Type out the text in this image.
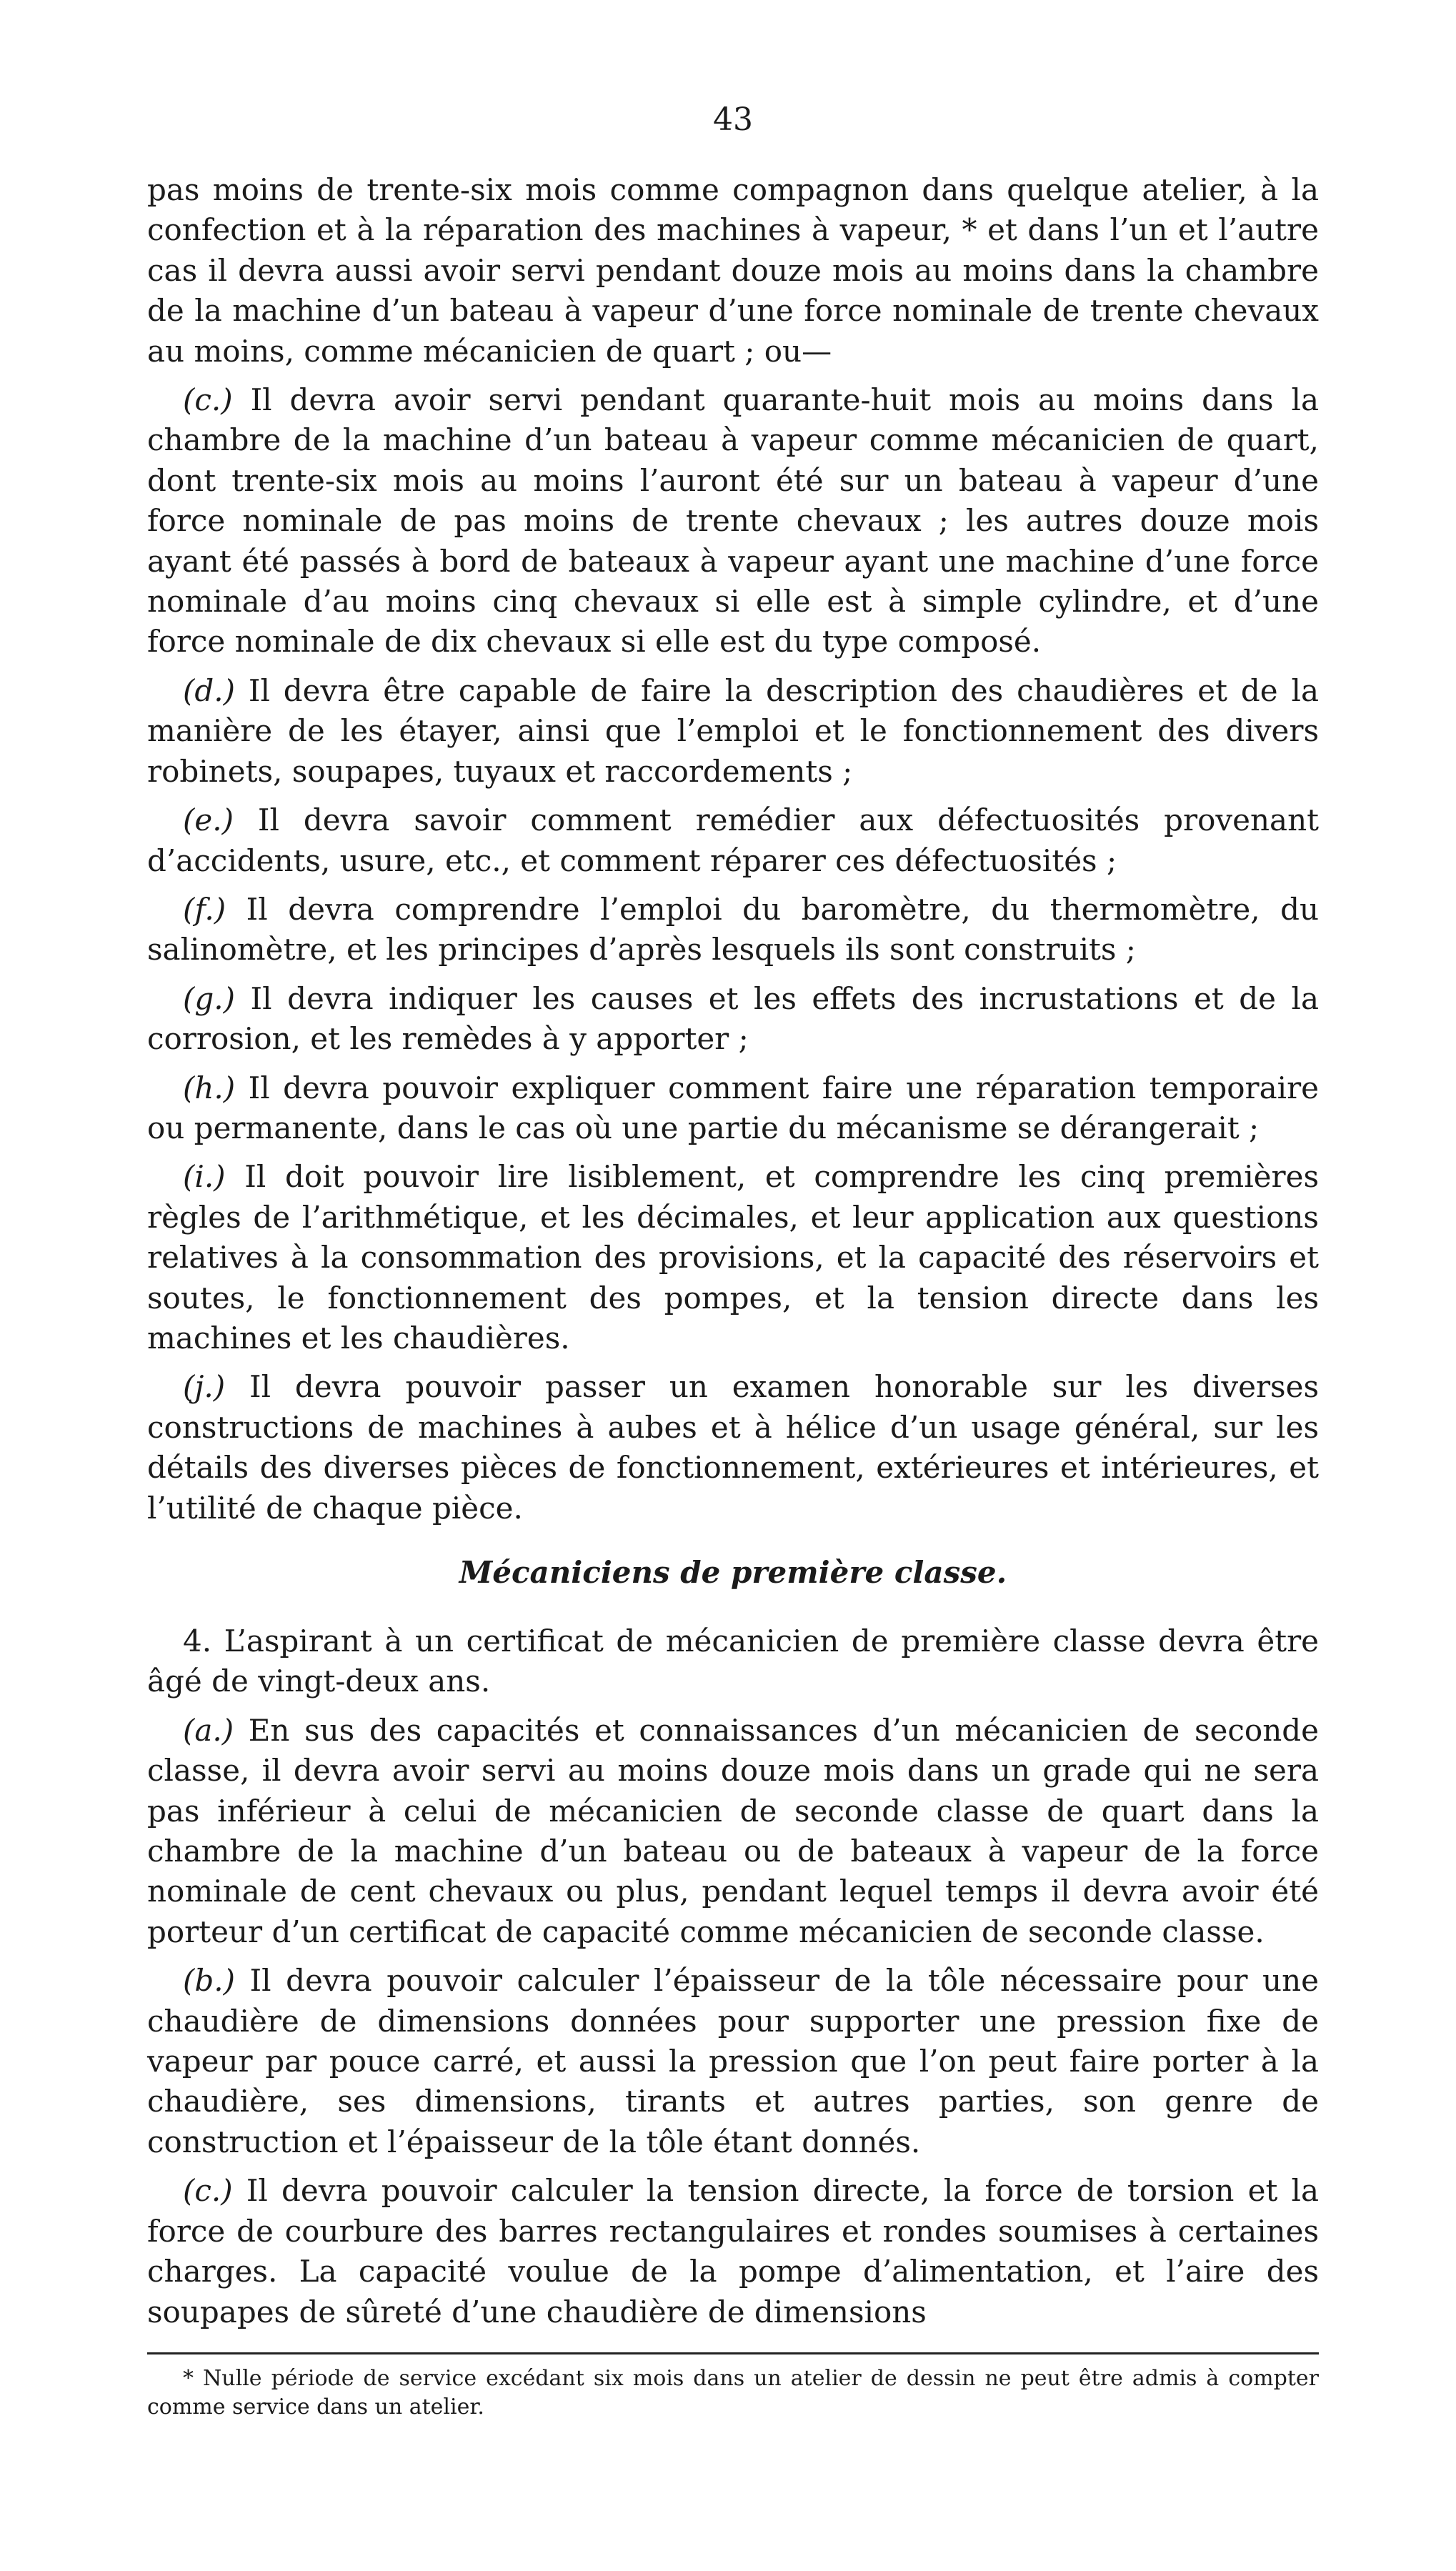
43

pas moins de trente-six mois comme compagnon dans quelque atelier, à la confection et à la réparation des machines à vapeur, * et dans l’un et l’autre cas il devra aussi avoir servi pendant douze mois au moins dans la chambre de la machine d’un bateau à vapeur d’une force nominale de trente chevaux au moins, comme mécanicien de quart ; ou—

(c.) Il devra avoir servi pendant quarante-huit mois au moins dans la chambre de la machine d’un bateau à vapeur comme mécanicien de quart, dont trente-six mois au moins l’auront été sur un bateau à vapeur d’une force nominale de pas moins de trente chevaux ; les autres douze mois ayant été passés à bord de bateaux à vapeur ayant une machine d’une force nominale d’au moins cinq chevaux si elle est à simple cylindre, et d’une force nominale de dix chevaux si elle est du type composé.

(d.) Il devra être capable de faire la description des chaudières et de la manière de les étayer, ainsi que l’emploi et le fonctionnement des divers robinets, soupapes, tuyaux et raccordements ;

(e.) Il devra savoir comment remédier aux défectuosités provenant d’accidents, usure, etc., et comment réparer ces défectuosités ;

(f.) Il devra comprendre l’emploi du baromètre, du thermomètre, du salinomètre, et les principes d’après lesquels ils sont construits ;

(g.) Il devra indiquer les causes et les effets des incrustations et de la corrosion, et les remèdes à y apporter ;

(h.) Il devra pouvoir expliquer comment faire une réparation temporaire ou permanente, dans le cas où une partie du mécanisme se dérangerait ;

(i.) Il doit pouvoir lire lisiblement, et comprendre les cinq premières règles de l’arithmétique, et les décimales, et leur application aux questions relatives à la consommation des provisions, et la capacité des réservoirs et soutes, le fonctionnement des pompes, et la tension directe dans les machines et les chaudières.

(j.) Il devra pouvoir passer un examen honorable sur les diverses constructions de machines à aubes et à hélice d’un usage général, sur les détails des diverses pièces de fonctionnement, extérieures et intérieures, et l’utilité de chaque pièce.

Mécaniciens de première classe.

4. L’aspirant à un certificat de mécanicien de première classe devra être âgé de vingt-deux ans.

(a.) En sus des capacités et connaissances d’un mécanicien de seconde classe, il devra avoir servi au moins douze mois dans un grade qui ne sera pas inférieur à celui de mécanicien de seconde classe de quart dans la chambre de la machine d’un bateau ou de bateaux à vapeur de la force nominale de cent chevaux ou plus, pendant lequel temps il devra avoir été porteur d’un certificat de capacité comme mécanicien de seconde classe.

(b.) Il devra pouvoir calculer l’épaisseur de la tôle nécessaire pour une chaudière de dimensions données pour supporter une pression fixe de vapeur par pouce carré, et aussi la pression que l’on peut faire porter à la chaudière, ses dimensions, tirants et autres parties, son genre de construction et l’épaisseur de la tôle étant donnés.

(c.) Il devra pouvoir calculer la tension directe, la force de torsion et la force de courbure des barres rectangulaires et rondes soumises à certaines charges. La capacité voulue de la pompe d’alimentation, et l’aire des soupapes de sûreté d’une chaudière de dimensions

* Nulle période de service excédant six mois dans un atelier de dessin ne peut être admis à compter comme service dans un atelier.
